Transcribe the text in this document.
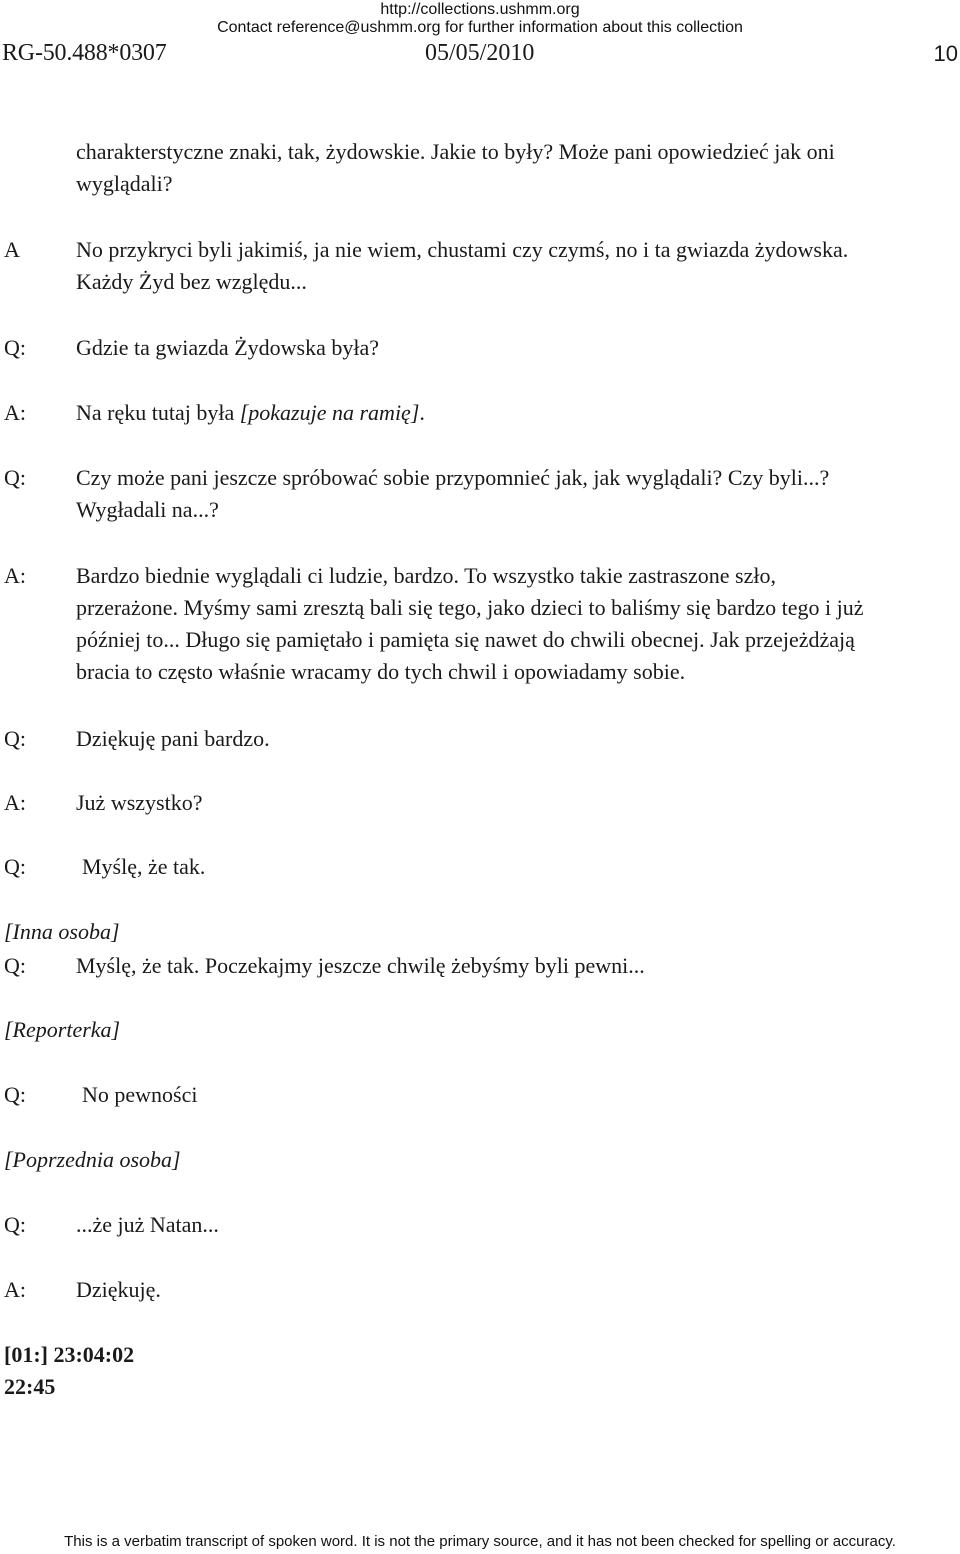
http://collections.ushmm.org
Contact reference@ushmm.org for further information about this collection
RG-50.488*0307	05/05/2010	10
charakterstyczne znaki, tak, żydowskie. Jakie to były? Może pani opowiedzieć jak oni
wyglądali?
A	No przykryci byli jakimiś, ja nie wiem, chustami czy czymś, no i ta gwiazda żydowska.
Każdy Żyd bez względu...
Q: Gdzie ta gwiazda Żydowska była?
A: Na ręku tutaj była [pokazuje na ramię].
Q: Czy może pani jeszcze spróbować sobie przypomnieć jak, jak wyglądali? Czy byli...?
Wygładali na...?
A: Bardzo biednie wyglądali ci ludzie, bardzo. To wszystko takie zastraszone szło,
przerażone. Myśmy sami zresztą bali się tego, jako dzieci to baliśmy się bardzo tego i już
później to... Długo się pamiętało i pamięta się nawet do chwili obecnej. Jak przejeżdżają
bracia to często właśnie wracamy do tych chwil i opowiadamy sobie.
Q: Dziękuję pani bardzo.
A: Już wszystko?
Q:	Myślę, że tak.
[Inna osoba]
Q: Myślę, że tak. Poczekajmy jeszcze chwilę żebyśmy byli pewni...
[Reporterka]
Q:	No pewności
[Poprzednia osoba]
Q: ...że już Natan...
A: Dziękuję.
[01:] 23:04:02
22:45
This is a verbatim transcript of spoken word. It is not the primary source, and it has not been checked for spelling or accuracy.
